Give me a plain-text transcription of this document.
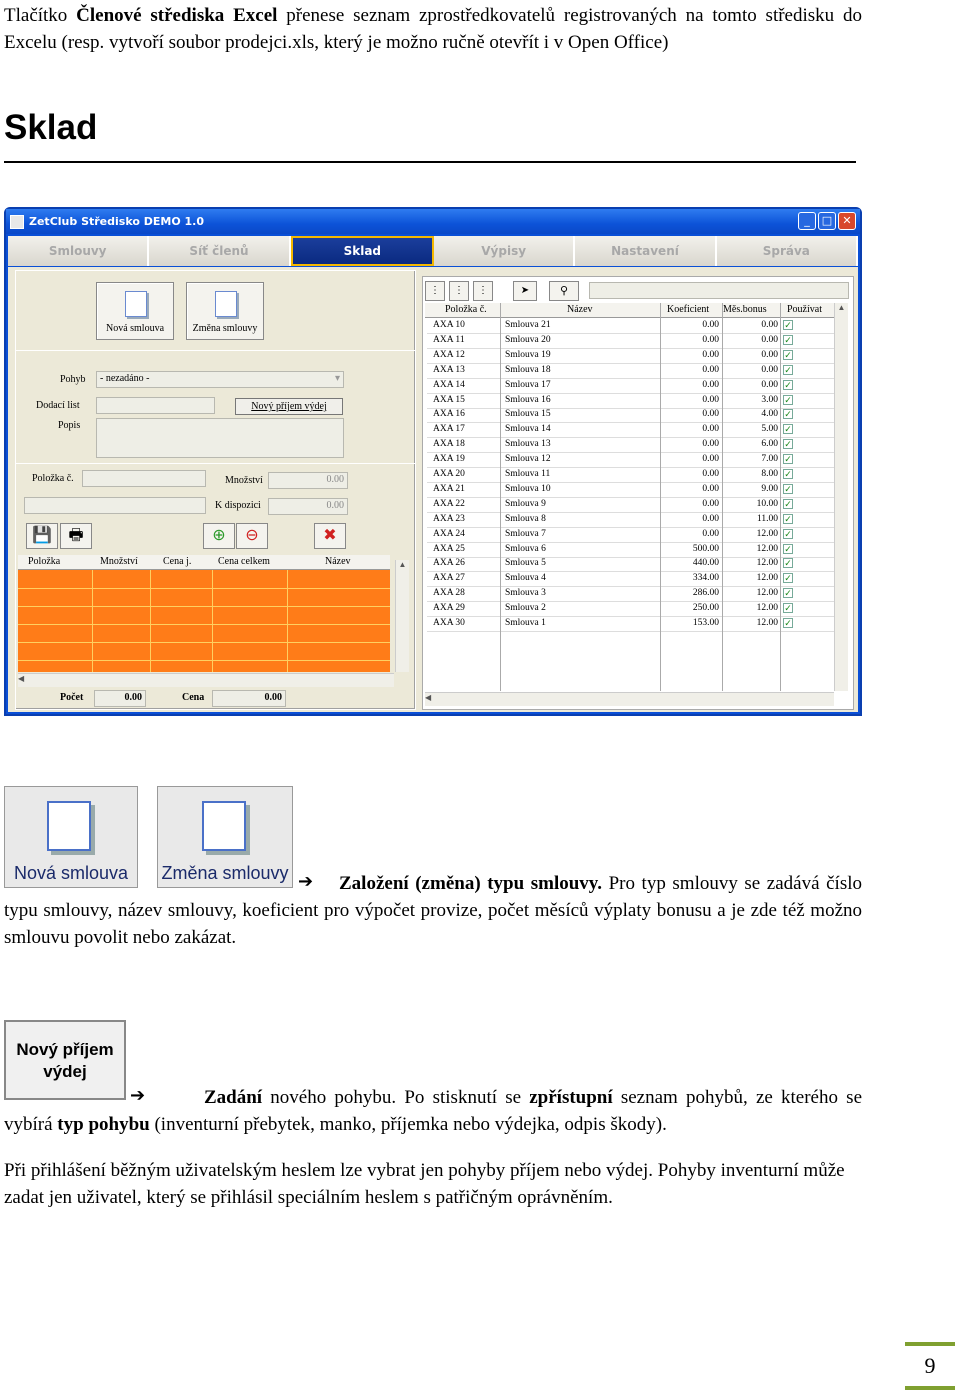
Tlačítko Členové střediska Excel přenese seznam zprostředkovatelů registrovaných na tomto středisku do Excelu (resp. vytvoří soubor prodejci.xls, který je možno ručně otevřít i v Open Office)

Sklad
ZetClub Středisko DEMO 1.0	_	□ ✕
Smlouvy	Síť členů	Sklad	Výpisy	Nastavení	Správa
Nová smlouva	Změna smlouvy
Pohyb	- nezadáno -	▾
Dodací list	Nový příjem výdej
Popis
Položka č.	Množství	0.00
K dispozici	0.00
💾	🖶	⊕	⊖	✖
Položka	Množství	Cena j.	Cena celkem	Název	▲
◀
Počet	0.00	Cena	0.00
⋮	⋮	⋮	➤	⚲
Položka č.	Název	Koeficient Měs.bonus Používat
AXA 10	Smlouva 21	0.00	0.00 ✓
AXA 11	Smlouva 20	0.00	0.00 ✓
AXA 12	Smlouva 19	0.00	0.00 ✓
AXA 13	Smlouva 18	0.00	0.00 ✓
AXA 14	Smlouva 17	0.00	0.00 ✓
AXA 15	Smlouva 16	0.00	3.00 ✓
AXA 16	Smlouva 15	0.00	4.00 ✓
AXA 17	Smlouva 14	0.00	5.00 ✓
AXA 18	Smlouva 13	0.00	6.00 ✓
AXA 19	Smlouva 12	0.00	7.00 ✓
AXA 20	Smlouva 11	0.00	8.00 ✓
AXA 21	Smlouva 10	0.00	9.00 ✓
AXA 22	Smlouva 9	0.00	10.00 ✓
AXA 23	Smlouva 8	0.00	11.00 ✓
AXA 24	Smlouva 7	0.00	12.00 ✓
AXA 25	Smlouva 6	500.00	12.00 ✓
AXA 26	Smlouva 5	440.00	12.00 ✓
AXA 27	Smlouva 4	334.00	12.00 ✓
AXA 28	Smlouva 3	286.00	12.00 ✓
AXA 29	Smlouva 2	250.00	12.00 ✓
AXA 30	Smlouva 1	153.00	12.00 ✓
▲
◀
Nová smlouva	Změna smlouvy ➔	Založení (změna) typu smlouvy. Pro typ smlouvy se zadává číslo typu smlouvy, název smlouvy, koeficient pro výpočet provize, počet měsíců výplaty bonusu a je zde též možno smlouvu povolit nebo zakázat.

Nový příjem
výdej
➔	Zadání nového pohybu. Po stisknutí se zpřístupní seznam pohybů, ze kterého se vybírá typ pohybu (inventurní přebytek, manko, příjemka nebo výdejka, odpis škody).

Při přihlášení běžným uživatelským heslem lze vybrat jen pohyby příjem nebo výdej. Pohyby inventurní může zadat jen uživatel, který se přihlásil speciálním heslem s patřičným oprávněním.

9
